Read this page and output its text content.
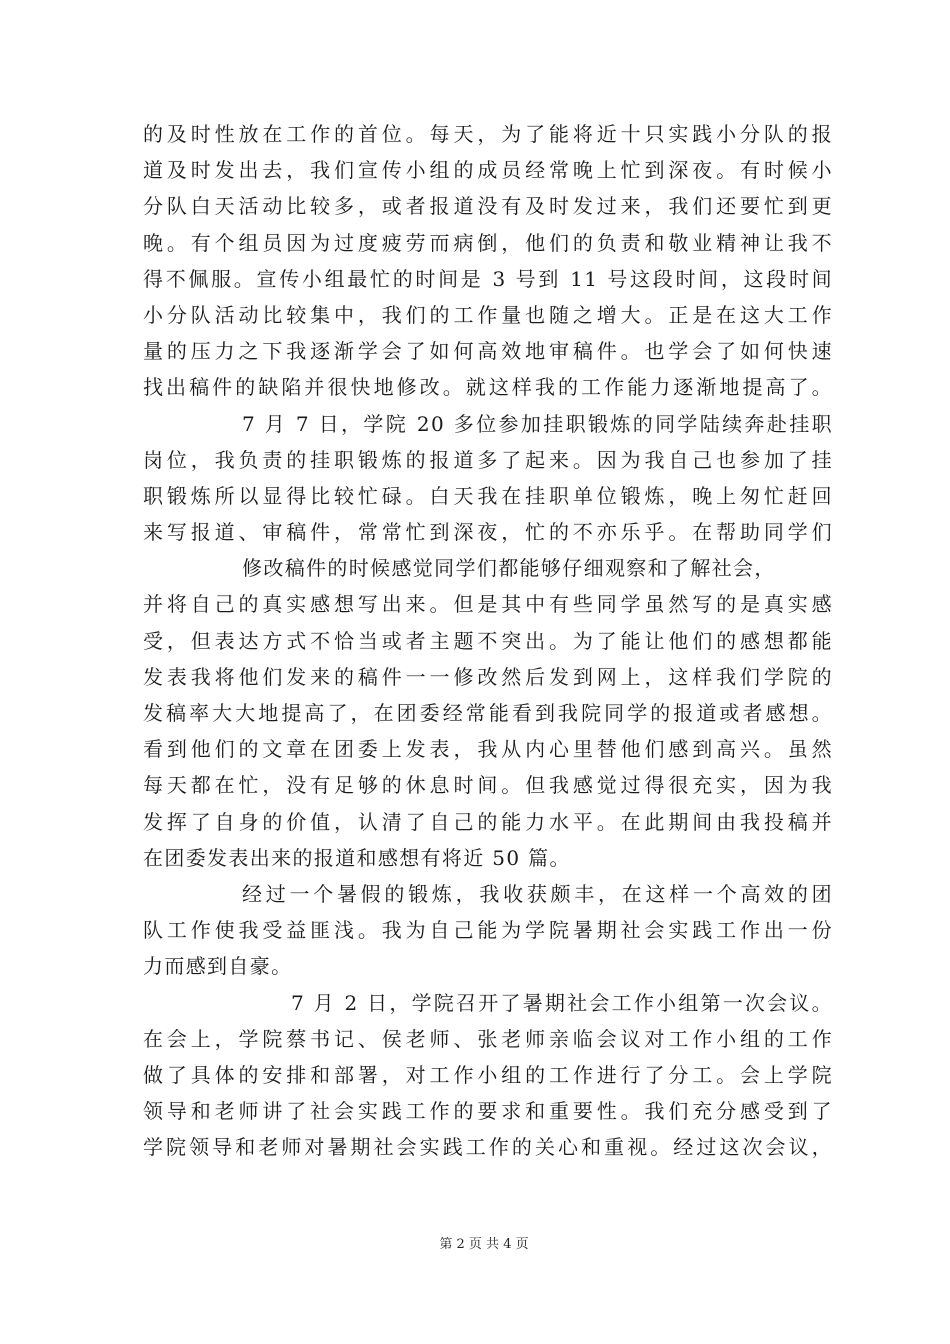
的及时性放在工作的首位。每天，为了能将近十只实践小分队的报
道及时发出去，我们宣传小组的成员经常晚上忙到深夜。有时候小
分队白天活动比较多，或者报道没有及时发过来，我们还要忙到更
晚。有个组员因为过度疲劳而病倒，他们的负责和敬业精神让我不
得不佩服。宣传小组最忙的时间是 3 号到 11 号这段时间，这段时间
小分队活动比较集中，我们的工作量也随之增大。正是在这大工作
量的压力之下我逐渐学会了如何高效地审稿件。也学会了如何快速
找出稿件的缺陷并很快地修改。就这样我的工作能力逐渐地提高了。
7 月 7 日，学院 20 多位参加挂职锻炼的同学陆续奔赴挂职
岗位，我负责的挂职锻炼的报道多了起来。因为我自己也参加了挂
职锻炼所以显得比较忙碌。白天我在挂职单位锻炼，晚上匆忙赶回
来写报道、审稿件，常常忙到深夜，忙的不亦乐乎。在帮助同学们
修改稿件的时候感觉同学们都能够仔细观察和了解社会，
并将自己的真实感想写出来。但是其中有些同学虽然写的是真实感
受，但表达方式不恰当或者主题不突出。为了能让他们的感想都能
发表我将他们发来的稿件一一修改然后发到网上，这样我们学院的
发稿率大大地提高了，在团委经常能看到我院同学的报道或者感想。
看到他们的文章在团委上发表，我从内心里替他们感到高兴。虽然
每天都在忙，没有足够的休息时间。但我感觉过得很充实，因为我
发挥了自身的价值，认清了自己的能力水平。在此期间由我投稿并
在团委发表出来的报道和感想有将近 50 篇。
经过一个暑假的锻炼，我收获颇丰，在这样一个高效的团
队工作使我受益匪浅。我为自己能为学院暑期社会实践工作出一份
力而感到自豪。
7 月 2 日，学院召开了暑期社会工作小组第一次会议。
在会上，学院蔡书记、侯老师、张老师亲临会议对工作小组的工作
做了具体的安排和部署，对工作小组的工作进行了分工。会上学院
领导和老师讲了社会实践工作的要求和重要性。我们充分感受到了
学院领导和老师对暑期社会实践工作的关心和重视。经过这次会议，
第 2 页 共 4 页
